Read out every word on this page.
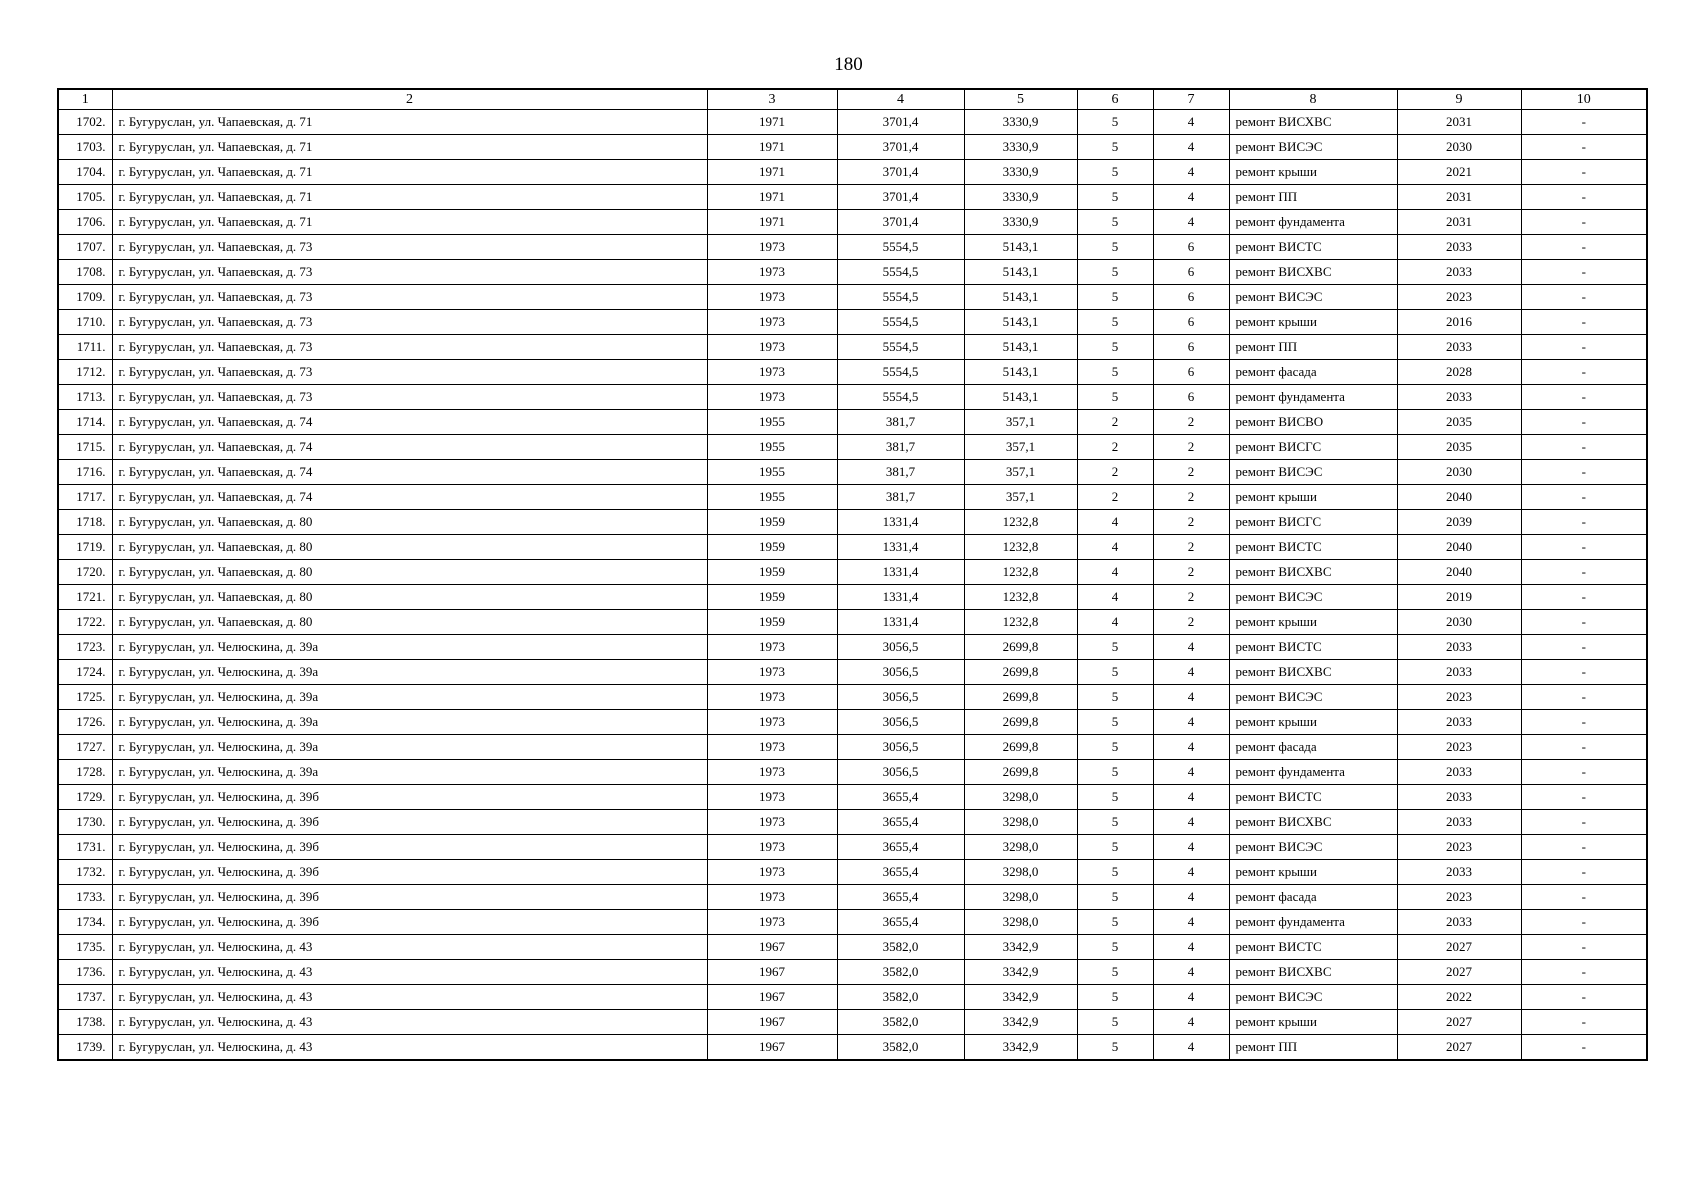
180
1	2	3	4	5	6	7	8	9	10
1702.	г. Бугуруслан, ул. Чапаевская, д. 71	1971	3701,4	3330,9	5	4	ремонт ВИСХВС	2031	-
1703.	г. Бугуруслан, ул. Чапаевская, д. 71	1971	3701,4	3330,9	5	4	ремонт ВИСЭС	2030	-
1704.	г. Бугуруслан, ул. Чапаевская, д. 71	1971	3701,4	3330,9	5	4	ремонт крыши	2021	-
1705.	г. Бугуруслан, ул. Чапаевская, д. 71	1971	3701,4	3330,9	5	4	ремонт ПП	2031	-
1706.	г. Бугуруслан, ул. Чапаевская, д. 71	1971	3701,4	3330,9	5	4	ремонт фундамента	2031	-
1707.	г. Бугуруслан, ул. Чапаевская, д. 73	1973	5554,5	5143,1	5	6	ремонт ВИСТС	2033	-
1708.	г. Бугуруслан, ул. Чапаевская, д. 73	1973	5554,5	5143,1	5	6	ремонт ВИСХВС	2033	-
1709.	г. Бугуруслан, ул. Чапаевская, д. 73	1973	5554,5	5143,1	5	6	ремонт ВИСЭС	2023	-
1710.	г. Бугуруслан, ул. Чапаевская, д. 73	1973	5554,5	5143,1	5	6	ремонт крыши	2016	-
1711.	г. Бугуруслан, ул. Чапаевская, д. 73	1973	5554,5	5143,1	5	6	ремонт ПП	2033	-
1712.	г. Бугуруслан, ул. Чапаевская, д. 73	1973	5554,5	5143,1	5	6	ремонт фасада	2028	-
1713.	г. Бугуруслан, ул. Чапаевская, д. 73	1973	5554,5	5143,1	5	6	ремонт фундамента	2033	-
1714.	г. Бугуруслан, ул. Чапаевская, д. 74	1955	381,7	357,1	2	2	ремонт ВИСВО	2035	-
1715.	г. Бугуруслан, ул. Чапаевская, д. 74	1955	381,7	357,1	2	2	ремонт ВИСГС	2035	-
1716.	г. Бугуруслан, ул. Чапаевская, д. 74	1955	381,7	357,1	2	2	ремонт ВИСЭС	2030	-
1717.	г. Бугуруслан, ул. Чапаевская, д. 74	1955	381,7	357,1	2	2	ремонт крыши	2040	-
1718.	г. Бугуруслан, ул. Чапаевская, д. 80	1959	1331,4	1232,8	4	2	ремонт ВИСГС	2039	-
1719.	г. Бугуруслан, ул. Чапаевская, д. 80	1959	1331,4	1232,8	4	2	ремонт ВИСТС	2040	-
1720.	г. Бугуруслан, ул. Чапаевская, д. 80	1959	1331,4	1232,8	4	2	ремонт ВИСХВС	2040	-
1721.	г. Бугуруслан, ул. Чапаевская, д. 80	1959	1331,4	1232,8	4	2	ремонт ВИСЭС	2019	-
1722.	г. Бугуруслан, ул. Чапаевская, д. 80	1959	1331,4	1232,8	4	2	ремонт крыши	2030	-
1723.	г. Бугуруслан, ул. Челюскина, д. 39а	1973	3056,5	2699,8	5	4	ремонт ВИСТС	2033	-
1724.	г. Бугуруслан, ул. Челюскина, д. 39а	1973	3056,5	2699,8	5	4	ремонт ВИСХВС	2033	-
1725.	г. Бугуруслан, ул. Челюскина, д. 39а	1973	3056,5	2699,8	5	4	ремонт ВИСЭС	2023	-
1726.	г. Бугуруслан, ул. Челюскина, д. 39а	1973	3056,5	2699,8	5	4	ремонт крыши	2033	-
1727.	г. Бугуруслан, ул. Челюскина, д. 39а	1973	3056,5	2699,8	5	4	ремонт фасада	2023	-
1728.	г. Бугуруслан, ул. Челюскина, д. 39а	1973	3056,5	2699,8	5	4	ремонт фундамента	2033	-
1729.	г. Бугуруслан, ул. Челюскина, д. 39б	1973	3655,4	3298,0	5	4	ремонт ВИСТС	2033	-
1730.	г. Бугуруслан, ул. Челюскина, д. 39б	1973	3655,4	3298,0	5	4	ремонт ВИСХВС	2033	-
1731.	г. Бугуруслан, ул. Челюскина, д. 39б	1973	3655,4	3298,0	5	4	ремонт ВИСЭС	2023	-
1732.	г. Бугуруслан, ул. Челюскина, д. 39б	1973	3655,4	3298,0	5	4	ремонт крыши	2033	-
1733.	г. Бугуруслан, ул. Челюскина, д. 39б	1973	3655,4	3298,0	5	4	ремонт фасада	2023	-
1734.	г. Бугуруслан, ул. Челюскина, д. 39б	1973	3655,4	3298,0	5	4	ремонт фундамента	2033	-
1735.	г. Бугуруслан, ул. Челюскина, д. 43	1967	3582,0	3342,9	5	4	ремонт ВИСТС	2027	-
1736.	г. Бугуруслан, ул. Челюскина, д. 43	1967	3582,0	3342,9	5	4	ремонт ВИСХВС	2027	-
1737.	г. Бугуруслан, ул. Челюскина, д. 43	1967	3582,0	3342,9	5	4	ремонт ВИСЭС	2022	-
1738.	г. Бугуруслан, ул. Челюскина, д. 43	1967	3582,0	3342,9	5	4	ремонт крыши	2027	-
1739.	г. Бугуруслан, ул. Челюскина, д. 43	1967	3582,0	3342,9	5	4	ремонт ПП	2027	-
